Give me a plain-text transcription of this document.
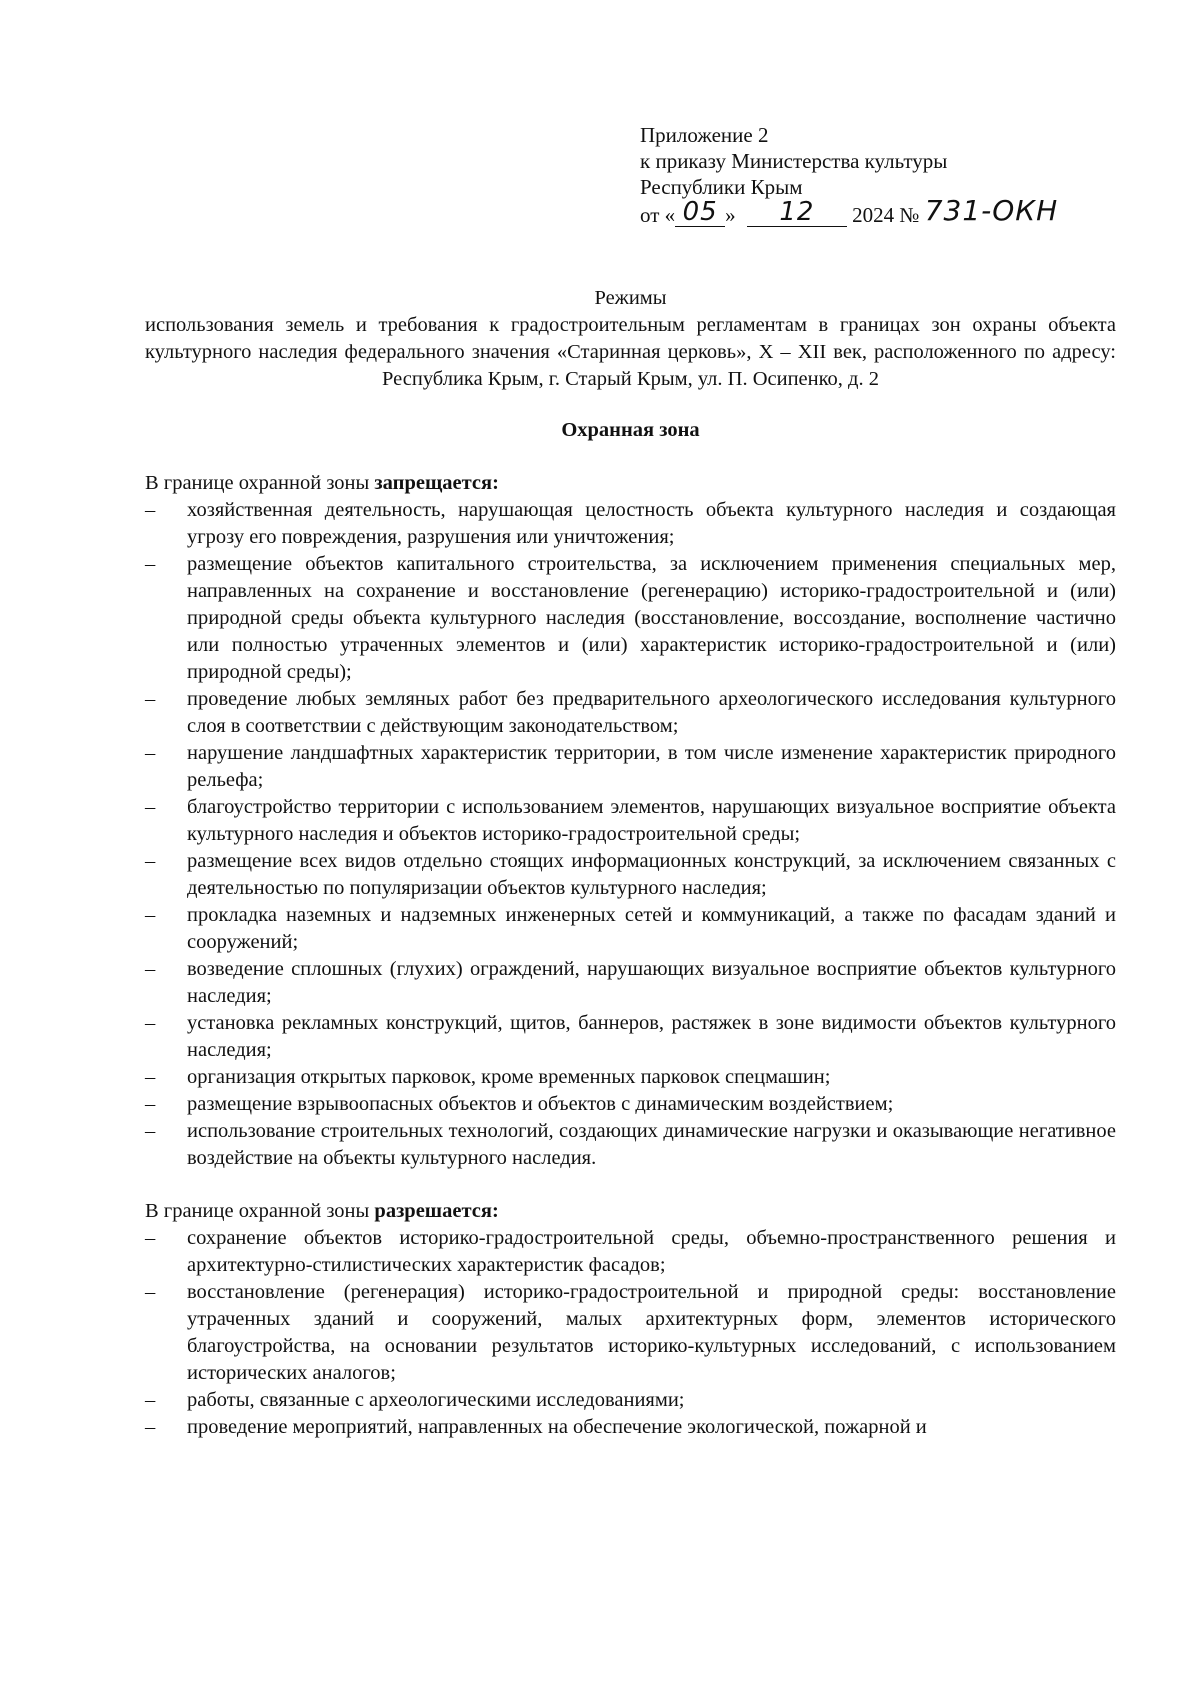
Приложение 2
к приказу Министерства культуры
Республики Крым
от « 05 » 12 2024 № 731-ОКН
Режимы
использования земель и требования к градостроительным регламентам в границах зон охраны объекта культурного наследия федерального значения «Старинная церковь», X – XII век, расположенного по адресу: Республика Крым, г. Старый Крым, ул. П. Осипенко, д. 2
Охранная зона
В границе охранной зоны запрещается:
– хозяйственная деятельность, нарушающая целостность объекта культурного наследия и создающая угрозу его повреждения, разрушения или уничтожения;
– размещение объектов капитального строительства, за исключением применения специальных мер, направленных на сохранение и восстановление (регенерацию) историко-градостроительной и (или) природной среды объекта культурного наследия (восстановление, воссоздание, восполнение частично или полностью утраченных элементов и (или) характеристик историко-градостроительной и (или) природной среды);
– проведение любых земляных работ без предварительного археологического исследования культурного слоя в соответствии с действующим законодательством;
– нарушение ландшафтных характеристик территории, в том числе изменение характеристик природного рельефа;
– благоустройство территории с использованием элементов, нарушающих визуальное восприятие объекта культурного наследия и объектов историко-градостроительной среды;
– размещение всех видов отдельно стоящих информационных конструкций, за исключением связанных с деятельностью по популяризации объектов культурного наследия;
– прокладка наземных и надземных инженерных сетей и коммуникаций, а также по фасадам зданий и сооружений;
– возведение сплошных (глухих) ограждений, нарушающих визуальное восприятие объектов культурного наследия;
– установка рекламных конструкций, щитов, баннеров, растяжек в зоне видимости объектов культурного наследия;
– организация открытых парковок, кроме временных парковок спецмашин;
– размещение взрывоопасных объектов и объектов с динамическим воздействием;
– использование строительных технологий, создающих динамические нагрузки и оказывающие негативное воздействие на объекты культурного наследия.
В границе охранной зоны разрешается:
– сохранение объектов историко-градостроительной среды, объемно-пространственного решения и архитектурно-стилистических характеристик фасадов;
– восстановление (регенерация) историко-градостроительной и природной среды: восстановление утраченных зданий и сооружений, малых архитектурных форм, элементов исторического благоустройства, на основании результатов историко-культурных исследований, с использованием исторических аналогов;
– работы, связанные с археологическими исследованиями;
– проведение мероприятий, направленных на обеспечение экологической, пожарной и
